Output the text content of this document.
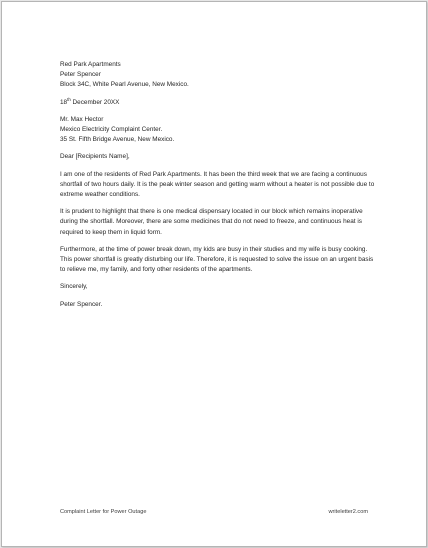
Red Park Apartments
Peter Spencer
Block 34C, White Pearl Avenue, New Mexico.
18th December 20XX
Mr. Max Hector
Mexico Electricity Complaint Center.
35 St. Fifth Bridge Avenue, New Mexico.
Dear [Recipients Name],

I am one of the residents of Red Park Apartments. It has been the third week that we are facing a continuous shortfall of two hours daily. It is the peak winter season and getting warm without a heater is not possible due to extreme weather conditions.

It is prudent to highlight that there is one medical dispensary located in our block which remains inoperative during the shortfall. Moreover, there are some medicines that do not need to freeze, and continuous heat is required to keep them in liquid form.

Furthermore, at the time of power break down, my kids are busy in their studies and my wife is busy cooking. This power shortfall is greatly disturbing our life. Therefore, it is requested to solve the issue on an urgent basis to relieve me, my family, and forty other residents of the apartments.

Sincerely,
Peter Spencer.
Complaint Letter for Power Outage	writeletter2.com
